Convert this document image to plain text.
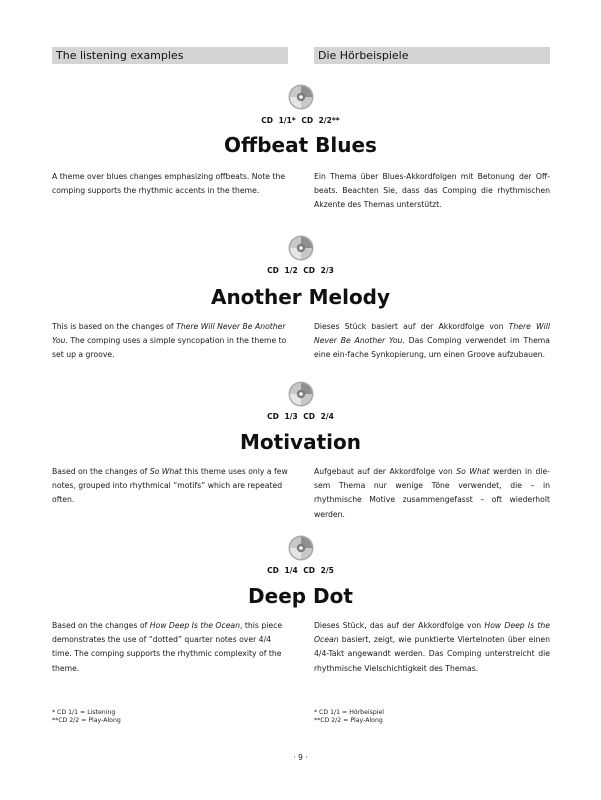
The listening examples	Die Hörbeispiele
CD 1/1* CD 2/2**
Offbeat Blues

A theme over blues changes emphasizing offbeats. Note the comping supports the rhythmic accents in the theme.

Ein Thema über Blues-Akkordfolgen mit Betonung der Off-beats. Beachten Sie, dass das Comping die rhythmischen Akzente des Themas unterstützt.

CD 1/2 CD 2/3
Another Melody

This is based on the changes of There Will Never Be Another You. The comping uses a simple syncopation in the theme to set up a groove.

Dieses Stück basiert auf der Akkordfolge von There Will Never Be Another You. Das Comping verwendet im Thema eine ein-fache Synkopierung, um einen Groove aufzubauen.

CD 1/3 CD 2/4
Motivation

Based on the changes of So What this theme uses only a few notes, grouped into rhythmical “motifs” which are repeated often.

Aufgebaut auf der Akkordfolge von So What werden in die-sem Thema nur wenige Töne verwendet, die – in rhythmische Motive zusammengefasst – oft wiederholt werden.

CD 1/4 CD 2/5
Deep Dot

Based on the changes of How Deep Is the Ocean, this piece demonstrates the use of “dotted” quarter notes over 4/4 time. The comping supports the rhythmic complexity of the theme.

Dieses Stück, das auf der Akkordfolge von How Deep Is the Ocean basiert, zeigt, wie punktierte Viertelnoten über einen 4/4-Takt angewandt werden. Das Comping unterstreicht die rhythmische Vielschichtigkeit des Themas.

* CD 1/1 = Listening
**CD 2/2 = Play-Along
* CD 1/1 = Hörbeispiel
**CD 2/2 = Play-Along
· 9 ·
